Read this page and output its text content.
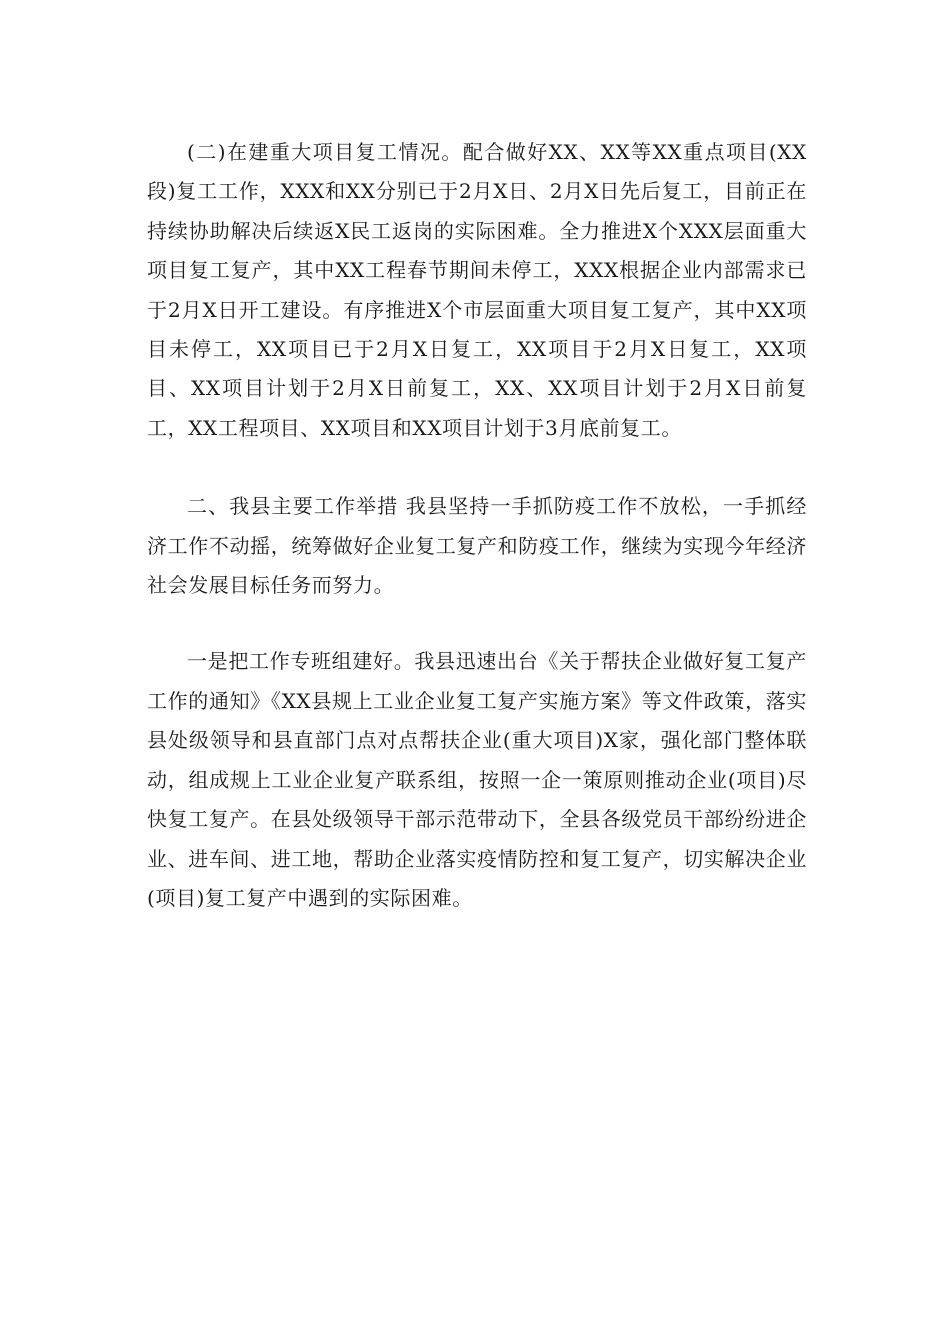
(二)在建重大项目复工情况。配合做好XX、XX等XX重点项目(XX段)复工工作，XXX和XX分别已于2月X日、2月X日先后复工，目前正在持续协助解决后续返X民工返岗的实际困难。全力推进X个XXX层面重大项目复工复产，其中XX工程春节期间未停工，XXX根据企业内部需求已于2月X日开工建设。有序推进X个市层面重大项目复工复产，其中XX项目未停工，XX项目已于2月X日复工，XX项目于2月X日复工，XX项目、XX项目计划于2月X日前复工，XX、XX项目计划于2月X日前复工，XX工程项目、XX项目和XX项目计划于3月底前复工。

二、我县主要工作举措 我县坚持一手抓防疫工作不放松，一手抓经济工作不动摇，统筹做好企业复工复产和防疫工作，继续为实现今年经济社会发展目标任务而努力。

一是把工作专班组建好。我县迅速出台《关于帮扶企业做好复工复产工作的通知》《XX县规上工业企业复工复产实施方案》等文件政策，落实县处级领导和县直部门点对点帮扶企业(重大项目)X家，强化部门整体联动，组成规上工业企业复产联系组，按照一企一策原则推动企业(项目)尽快复工复产。在县处级领导干部示范带动下，全县各级党员干部纷纷进企业、进车间、进工地，帮助企业落实疫情防控和复工复产，切实解决企业(项目)复工复产中遇到的实际困难。
